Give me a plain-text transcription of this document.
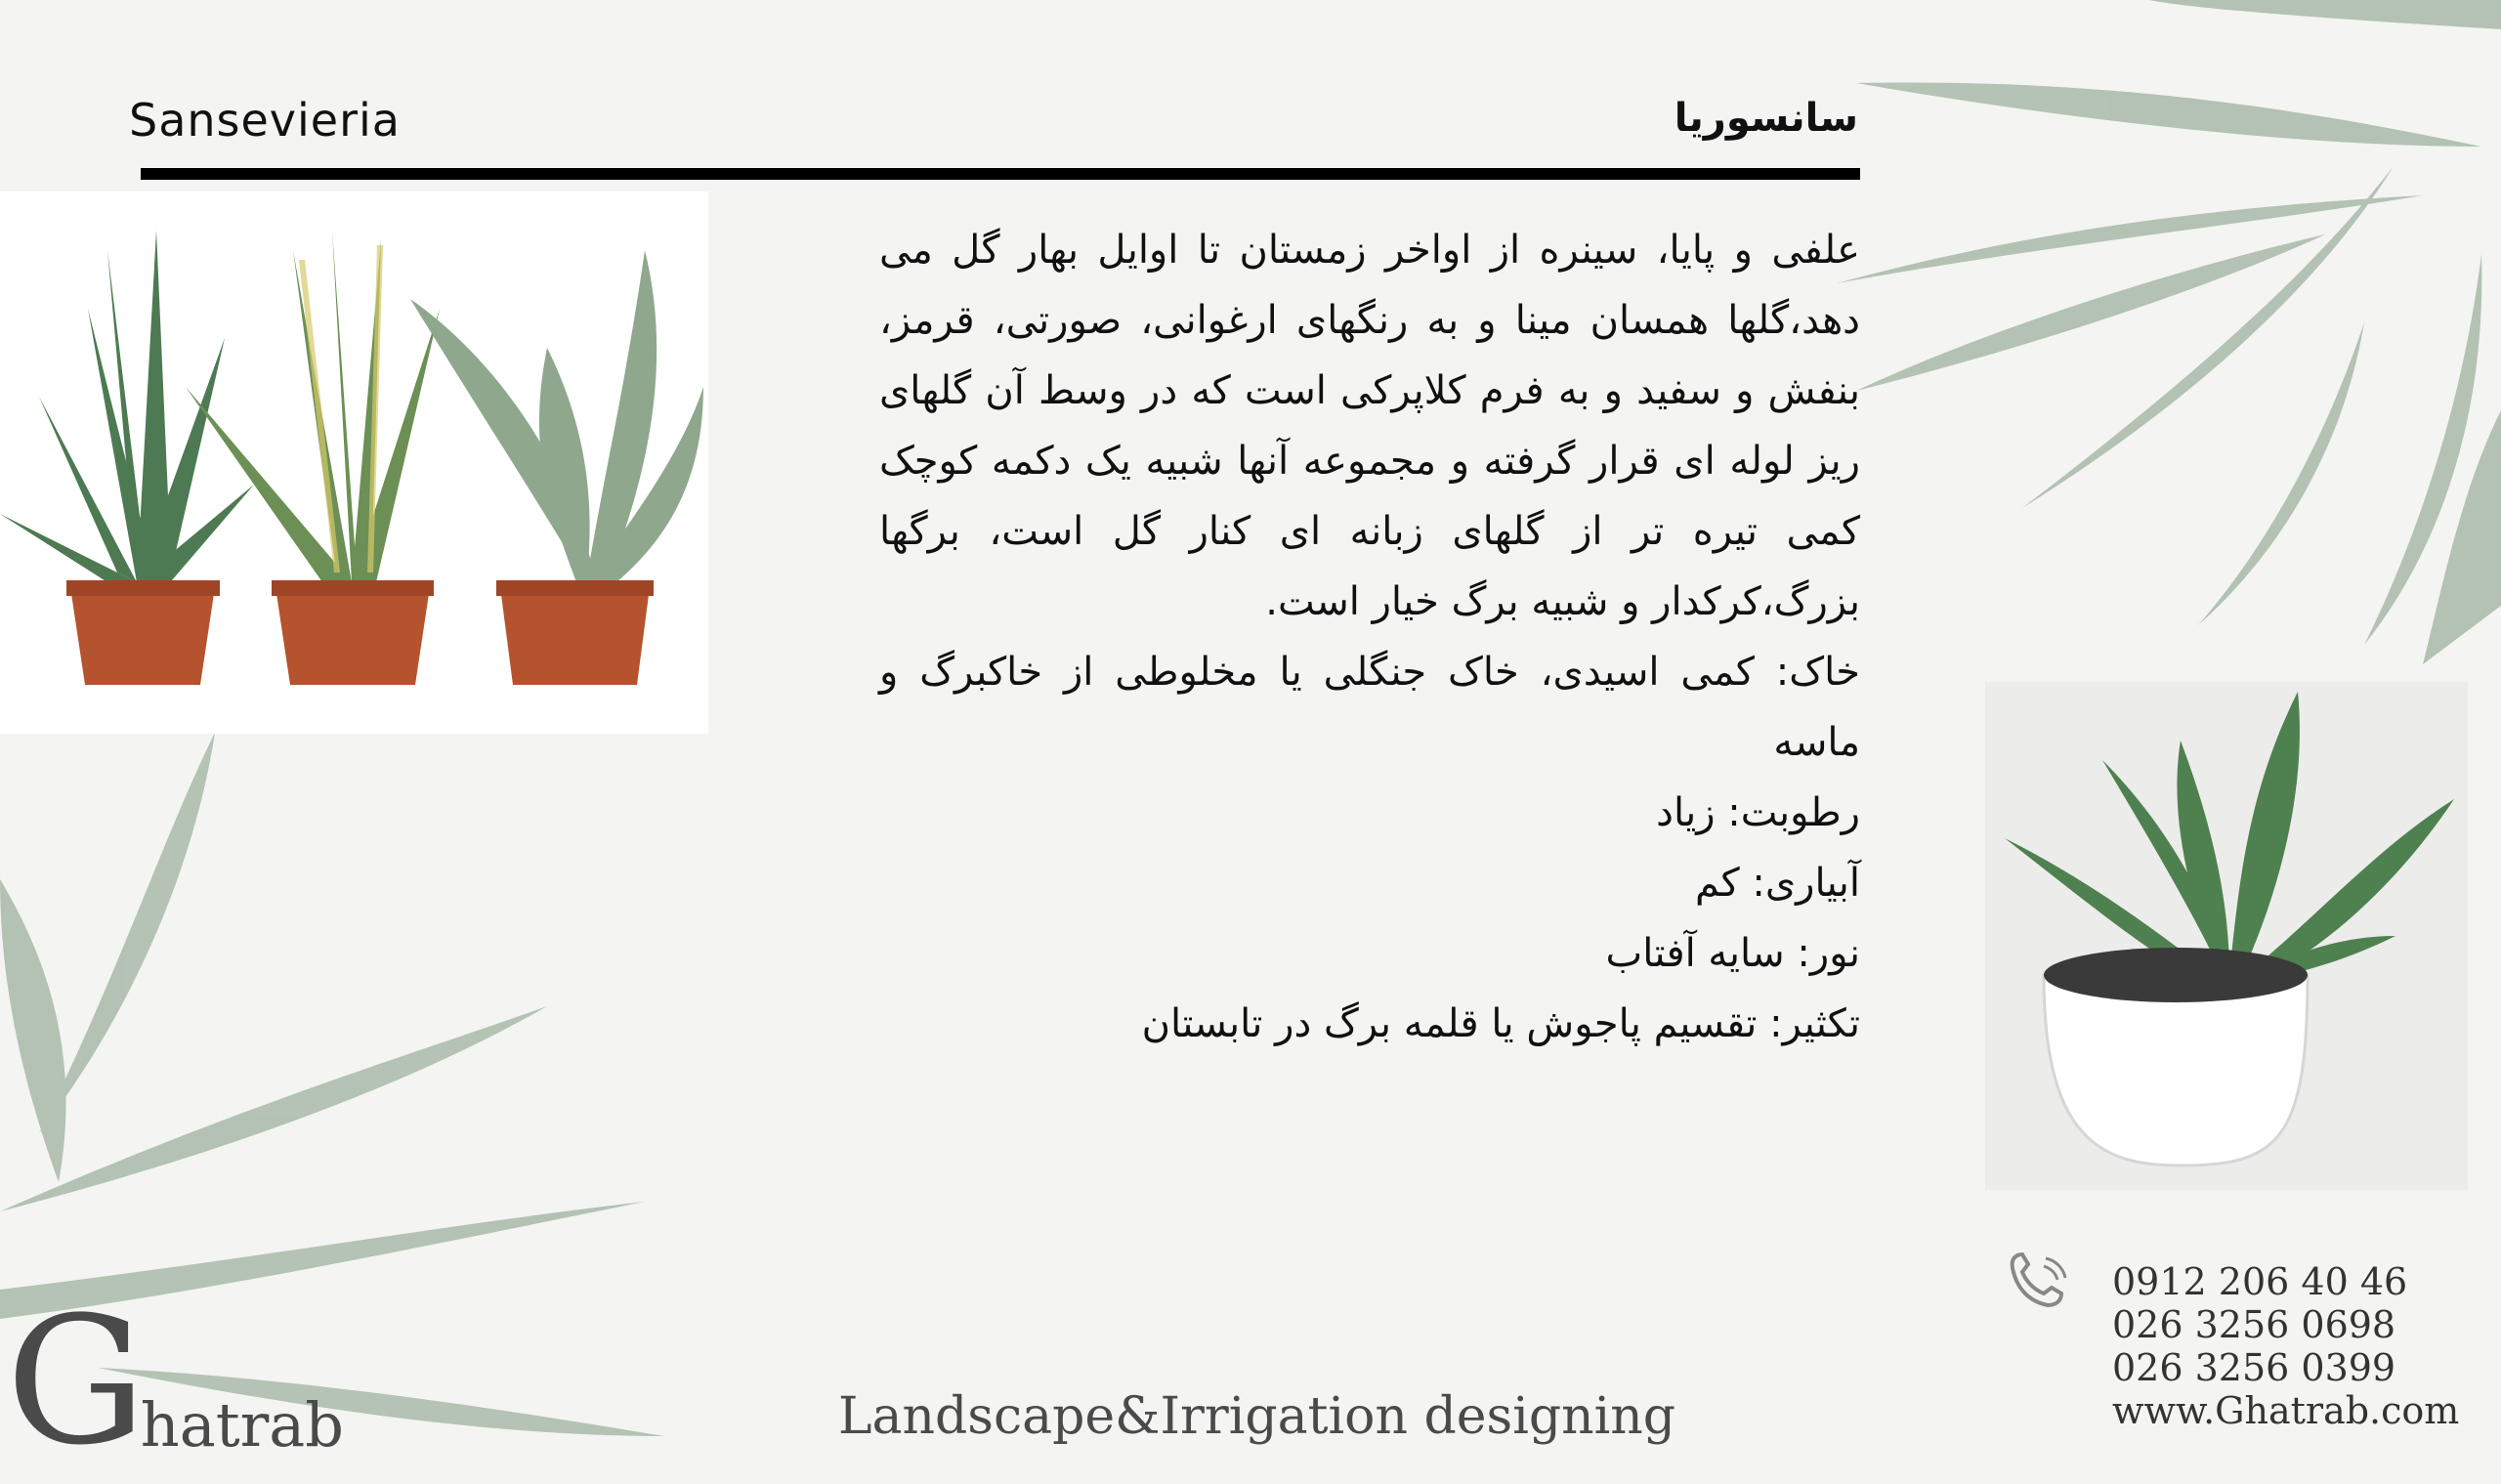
Sansevieria	سانسوریا

علفی و پایا، سینره از اواخر زمستان تا اوایل بهار گل می دهد،گلها همسان مینا و به رنگهای ارغوانی، صورتی، قرمز، بنفش و سفید و به فرم کلاپرکی است که در وسط آن گلهای ریز لوله ای قرار گرفته و مجموعه آنها شبیه یک دکمه کوچک کمی تیره تر از گلهای زبانه ای کنار گل است، برگها بزرگ،کرکدار و شبیه برگ خیار است.

خاک: کمی اسیدی، خاک جنگلی یا مخلوطی از خاکبرگ و ماسه

رطوبت: زیاد

آبیاری: کم

نور: سایه آفتاب

تکثیر: تقسیم پاجوش یا قلمه برگ در تابستان

0912 206 40 46
026 3256 0698
026 3256 0399
www.Ghatrab.com
Landscape&Irrigation designing
Ghatrab
